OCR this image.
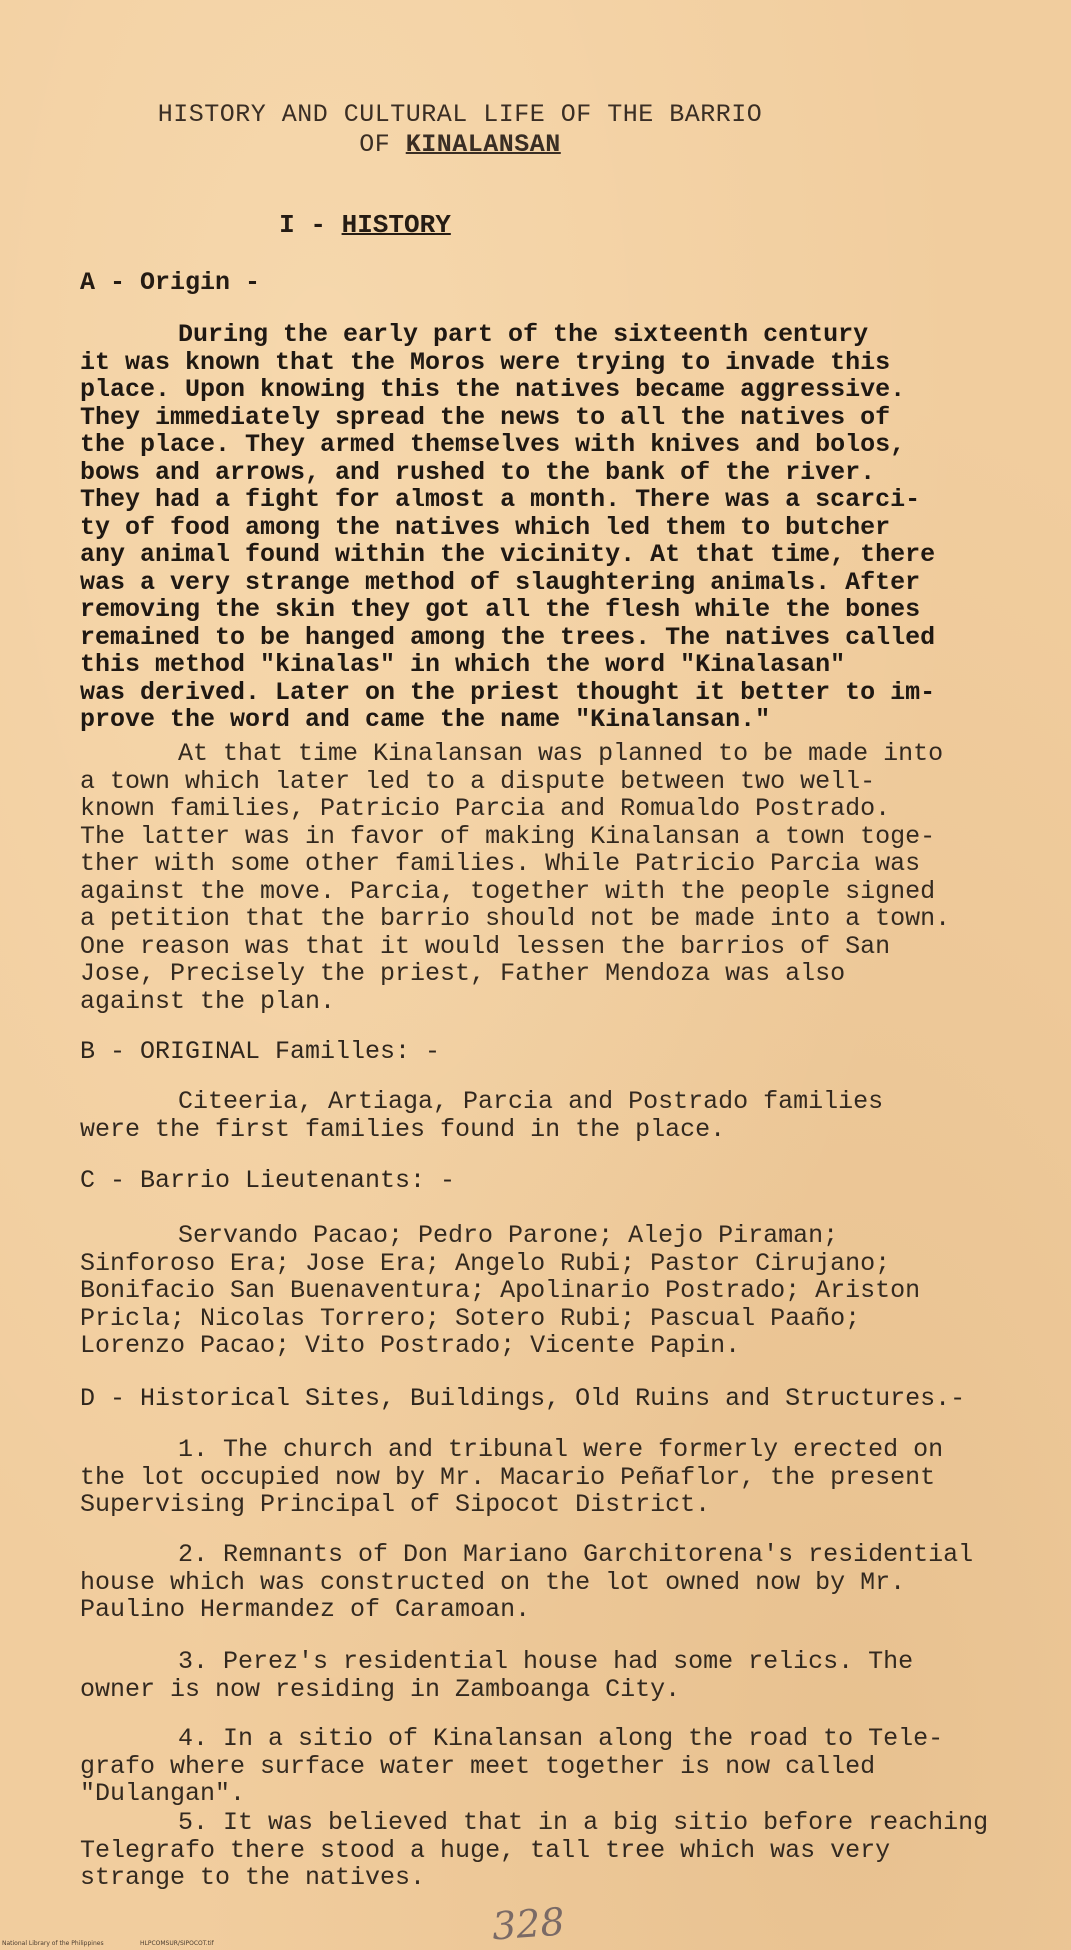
HISTORY AND CULTURAL LIFE OF THE BARRIO
OF KINALANSAN
I - HISTORY
A - Origin -
During the early part of the sixteenth century
it was known that the Moros were trying to invade this
place. Upon knowing this the natives became aggressive.
They immediately spread the news to all the natives of
the place. They armed themselves with knives and bolos,
bows and arrows, and rushed to the bank of the river.
They had a fight for almost a month. There was a scarci-
ty of food among the natives which led them to butcher
any animal found within the vicinity. At that time, there
was a very strange method of slaughtering animals. After
removing the skin they got all the flesh while the bones
remained to be hanged among the trees. The natives called
this method "kinalas" in which the word "Kinalasan"
was derived. Later on the priest thought it better to im-
prove the word and came the name "Kinalansan."
At that time Kinalansan was planned to be made into
a town which later led to a dispute between two well-
known families, Patricio Parcia and Romualdo Postrado.
The latter was in favor of making Kinalansan a town toge-
ther with some other families. While Patricio Parcia was
against the move. Parcia, together with the people signed
a petition that the barrio should not be made into a town.
One reason was that it would lessen the barrios of San
Jose, Precisely the priest, Father Mendoza was also
against the plan.
B - ORIGINAL Familles: -
Citeeria, Artiaga, Parcia and Postrado families
were the first families found in the place.
C - Barrio Lieutenants: -
Servando Pacao; Pedro Parone; Alejo Piraman;
Sinforoso Era; Jose Era; Angelo Rubi; Pastor Cirujano;
Bonifacio San Buenaventura; Apolinario Postrado; Ariston
Pricla; Nicolas Torrero; Sotero Rubi; Pascual Paaño;
Lorenzo Pacao; Vito Postrado; Vicente Papin.
D - Historical Sites, Buildings, Old Ruins and Structures.-
1. The church and tribunal were formerly erected on
the lot occupied now by Mr. Macario Peñaflor, the present
Supervising Principal of Sipocot District.
2. Remnants of Don Mariano Garchitorena's residential
house which was constructed on the lot owned now by Mr.
Paulino Hermandez of Caramoan.
3. Perez's residential house had some relics. The
owner is now residing in Zamboanga City.
4. In a sitio of Kinalansan along the road to Tele-
grafo where surface water meet together is now called
"Dulangan".
5. It was believed that in a big sitio before reaching
Telegrafo there stood a huge, tall tree which was very
strange to the natives.
328
National Library of the Philippines	HLPCOMSUR/SIPOCOT.tif
